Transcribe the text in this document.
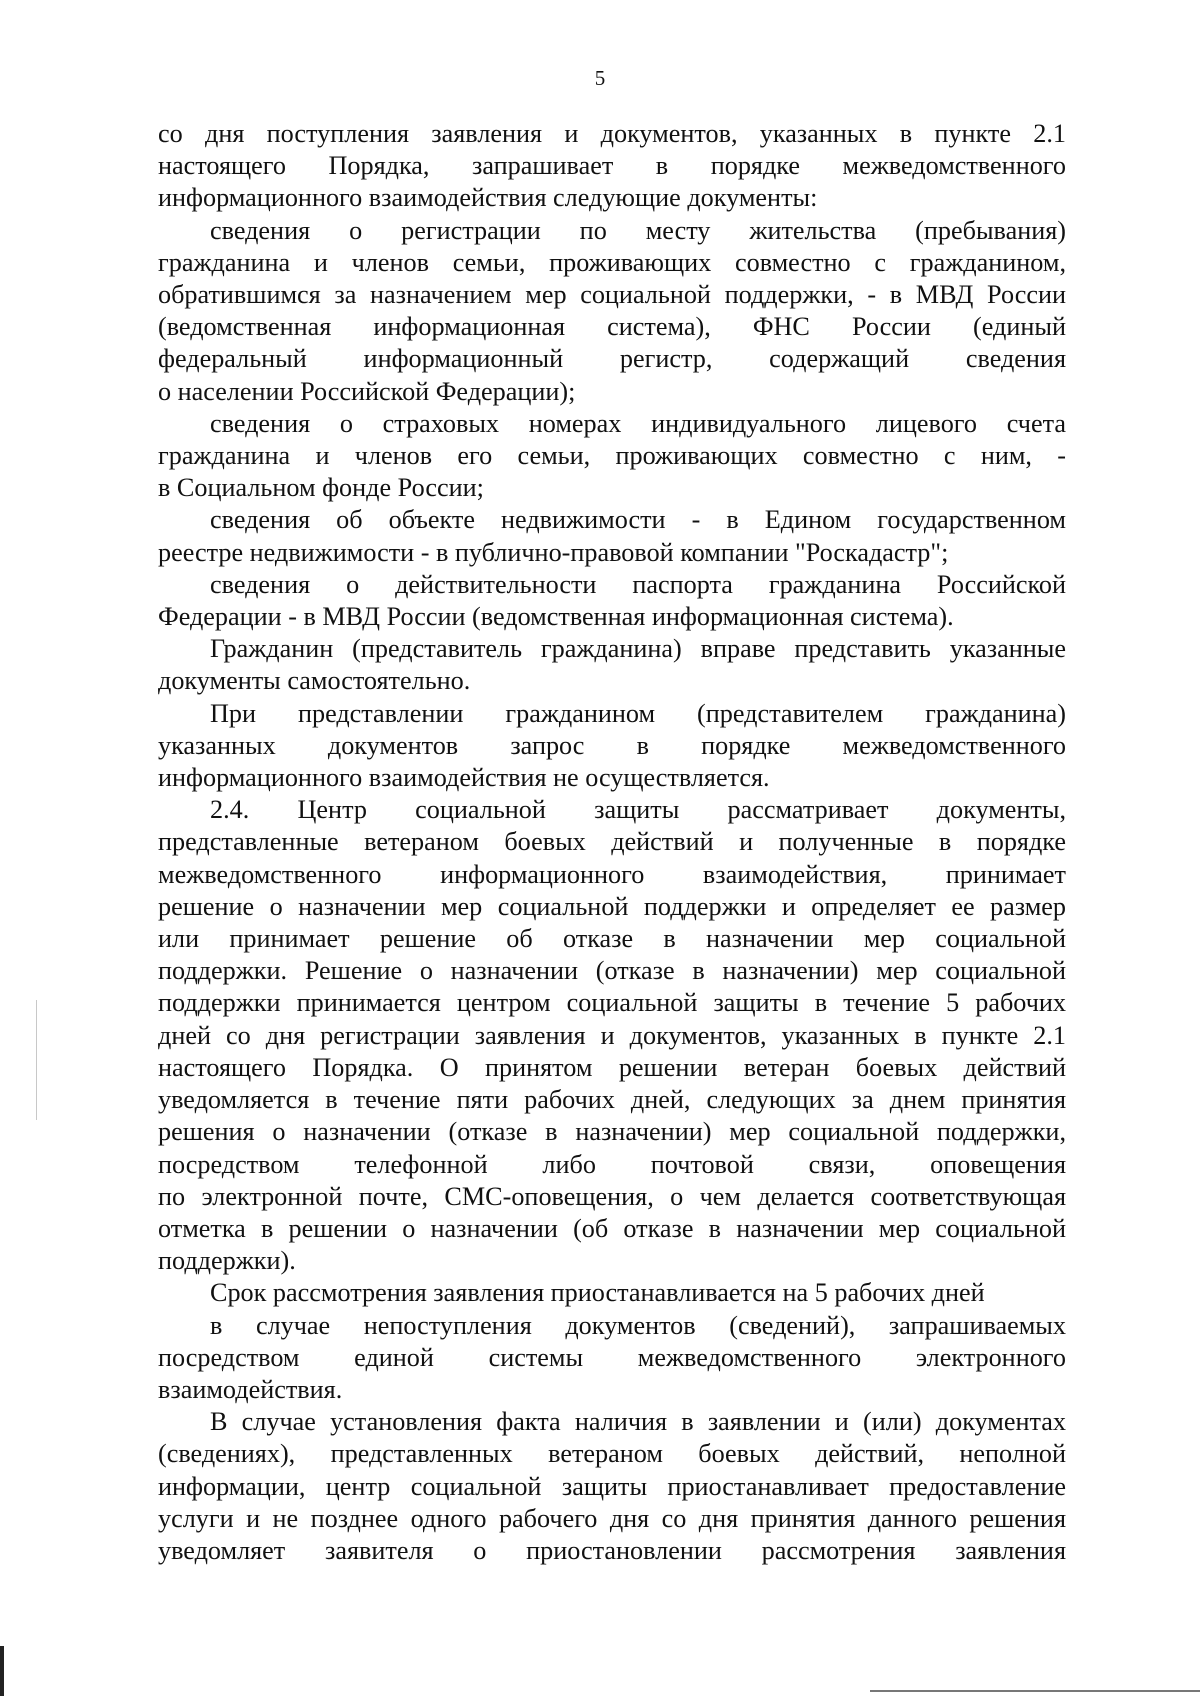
5
со дня поступления заявления и документов, указанных в пункте 2.1
настоящего Порядка, запрашивает в порядке межведомственного
информационного взаимодействия следующие документы:
сведения о регистрации по месту жительства (пребывания)
гражданина и членов семьи, проживающих совместно с гражданином,
обратившимся за назначением мер социальной поддержки, - в МВД России
(ведомственная информационная система), ФНС России (единый
федеральный информационный регистр, содержащий сведения
о населении Российской Федерации);
сведения о страховых номерах индивидуального лицевого счета
гражданина и членов его семьи, проживающих совместно с ним, -
в Социальном фонде России;
сведения об объекте недвижимости - в Едином государственном
реестре недвижимости - в публично-правовой компании "Роскадастр";
сведения о действительности паспорта гражданина Российской
Федерации - в МВД России (ведомственная информационная система).
Гражданин (представитель гражданина) вправе представить указанные
документы самостоятельно.
При представлении гражданином (представителем гражданина)
указанных документов запрос в порядке межведомственного
информационного взаимодействия не осуществляется.
2.4. Центр социальной защиты рассматривает документы,
представленные ветераном боевых действий и полученные в порядке
межведомственного информационного взаимодействия, принимает
решение о назначении мер социальной поддержки и определяет ее размер
или принимает решение об отказе в назначении мер социальной
поддержки. Решение о назначении (отказе в назначении) мер социальной
поддержки принимается центром социальной защиты в течение 5 рабочих
дней со дня регистрации заявления и документов, указанных в пункте 2.1
настоящего Порядка. О принятом решении ветеран боевых действий
уведомляется в течение пяти рабочих дней, следующих за днем принятия
решения о назначении (отказе в назначении) мер социальной поддержки,
посредством телефонной либо почтовой связи, оповещения
по электронной почте, СМС-оповещения, о чем делается соответствующая
отметка в решении о назначении (об отказе в назначении мер социальной
поддержки).
Срок рассмотрения заявления приостанавливается на 5 рабочих дней
в случае непоступления документов (сведений), запрашиваемых
посредством единой системы межведомственного электронного
взаимодействия.
В случае установления факта наличия в заявлении и (или) документах
(сведениях), представленных ветераном боевых действий, неполной
информации, центр социальной защиты приостанавливает предоставление
услуги и не позднее одного рабочего дня со дня принятия данного решения
уведомляет заявителя о приостановлении рассмотрения заявления
